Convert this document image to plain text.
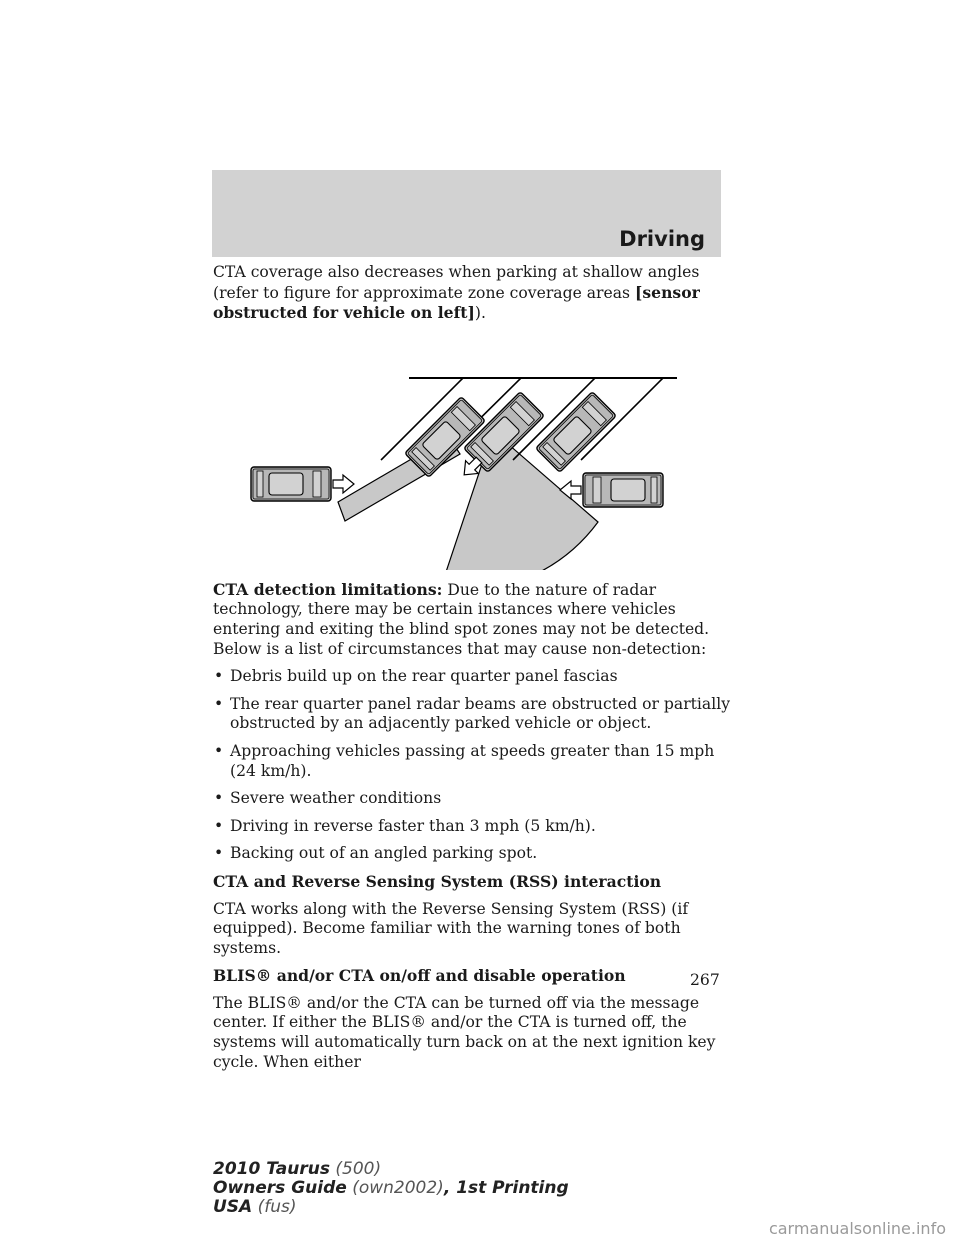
Driving

CTA coverage also decreases when parking at shallow angles (refer to figure for approximate zone coverage areas [sensor obstructed for vehicle on left]).

CTA detection limitations: Due to the nature of radar technology, there may be certain instances where vehicles entering and exiting the blind spot zones may not be detected. Below is a list of circumstances that may cause non-detection:

• Debris build up on the rear quarter panel fascias
• The rear quarter panel radar beams are obstructed or partially obstructed by an adjacently parked vehicle or object.
• Approaching vehicles passing at speeds greater than 15 mph (24 km/h).
• Severe weather conditions
• Driving in reverse faster than 3 mph (5 km/h).
• Backing out of an angled parking spot.

CTA and Reverse Sensing System (RSS) interaction

CTA works along with the Reverse Sensing System (RSS) (if equipped). Become familiar with the warning tones of both systems.

BLIS® and/or CTA on/off and disable operation

The BLIS® and/or the CTA can be turned off via the message center. If either the BLIS® and/or the CTA is turned off, the systems will automatically turn back on at the next ignition key cycle. When either

267
2010 Taurus (500)
Owners Guide (own2002), 1st Printing
USA (fus)
carmanualsonline.info
